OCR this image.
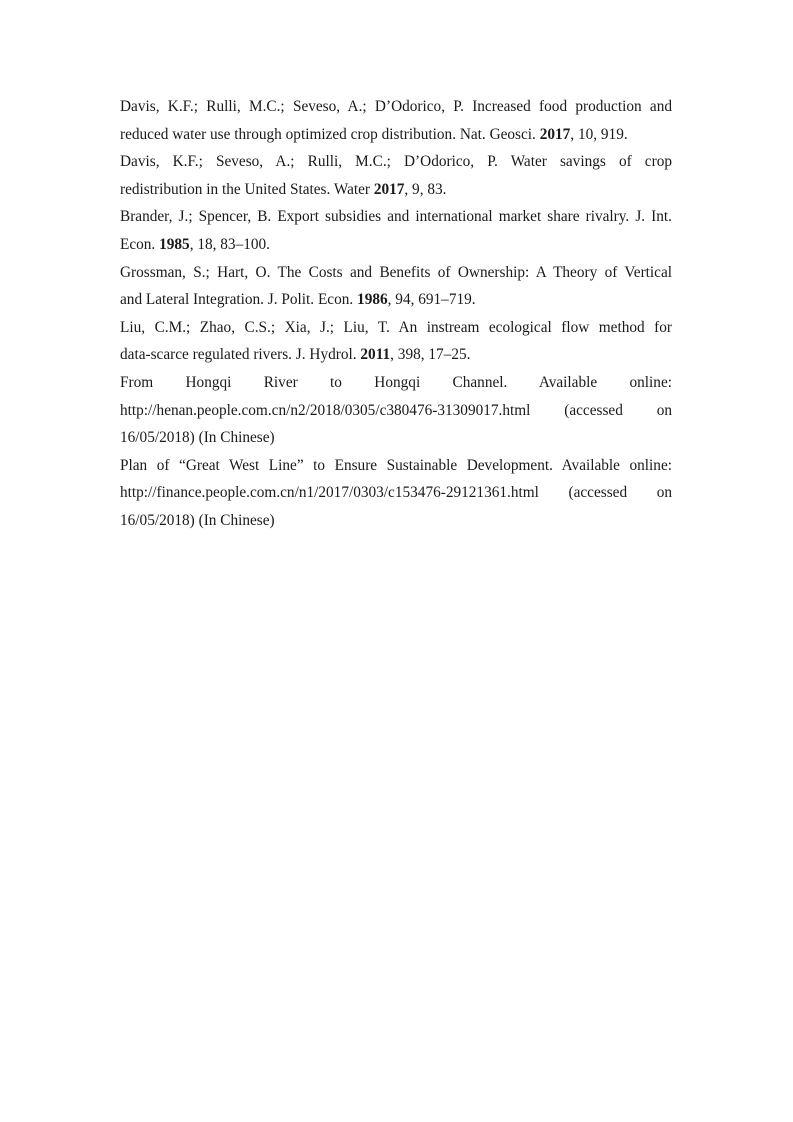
Davis, K.F.; Rulli, M.C.; Seveso, A.; D’Odorico, P. Increased food production and
reduced water use through optimized crop distribution. Nat. Geosci. 2017, 10, 919.

Davis, K.F.; Seveso, A.; Rulli, M.C.; D’Odorico, P. Water savings of crop
redistribution in the United States. Water 2017, 9, 83.

Brander, J.; Spencer, B. Export subsidies and international market share rivalry. J. Int.
Econ. 1985, 18, 83–100.

Grossman, S.; Hart, O. The Costs and Benefits of Ownership: A Theory of Vertical
and Lateral Integration. J. Polit. Econ. 1986, 94, 691–719.

Liu, C.M.; Zhao, C.S.; Xia, J.; Liu, T. An instream ecological flow method for
data-scarce regulated rivers. J. Hydrol. 2011, 398, 17–25.

From Hongqi River to Hongqi Channel. Available online:
http://henan.people.com.cn/n2/2018/0305/c380476-31309017.html (accessed on
16/05/2018) (In Chinese)

Plan of “Great West Line” to Ensure Sustainable Development. Available online:
http://finance.people.com.cn/n1/2017/0303/c153476-29121361.html (accessed on
16/05/2018) (In Chinese)
